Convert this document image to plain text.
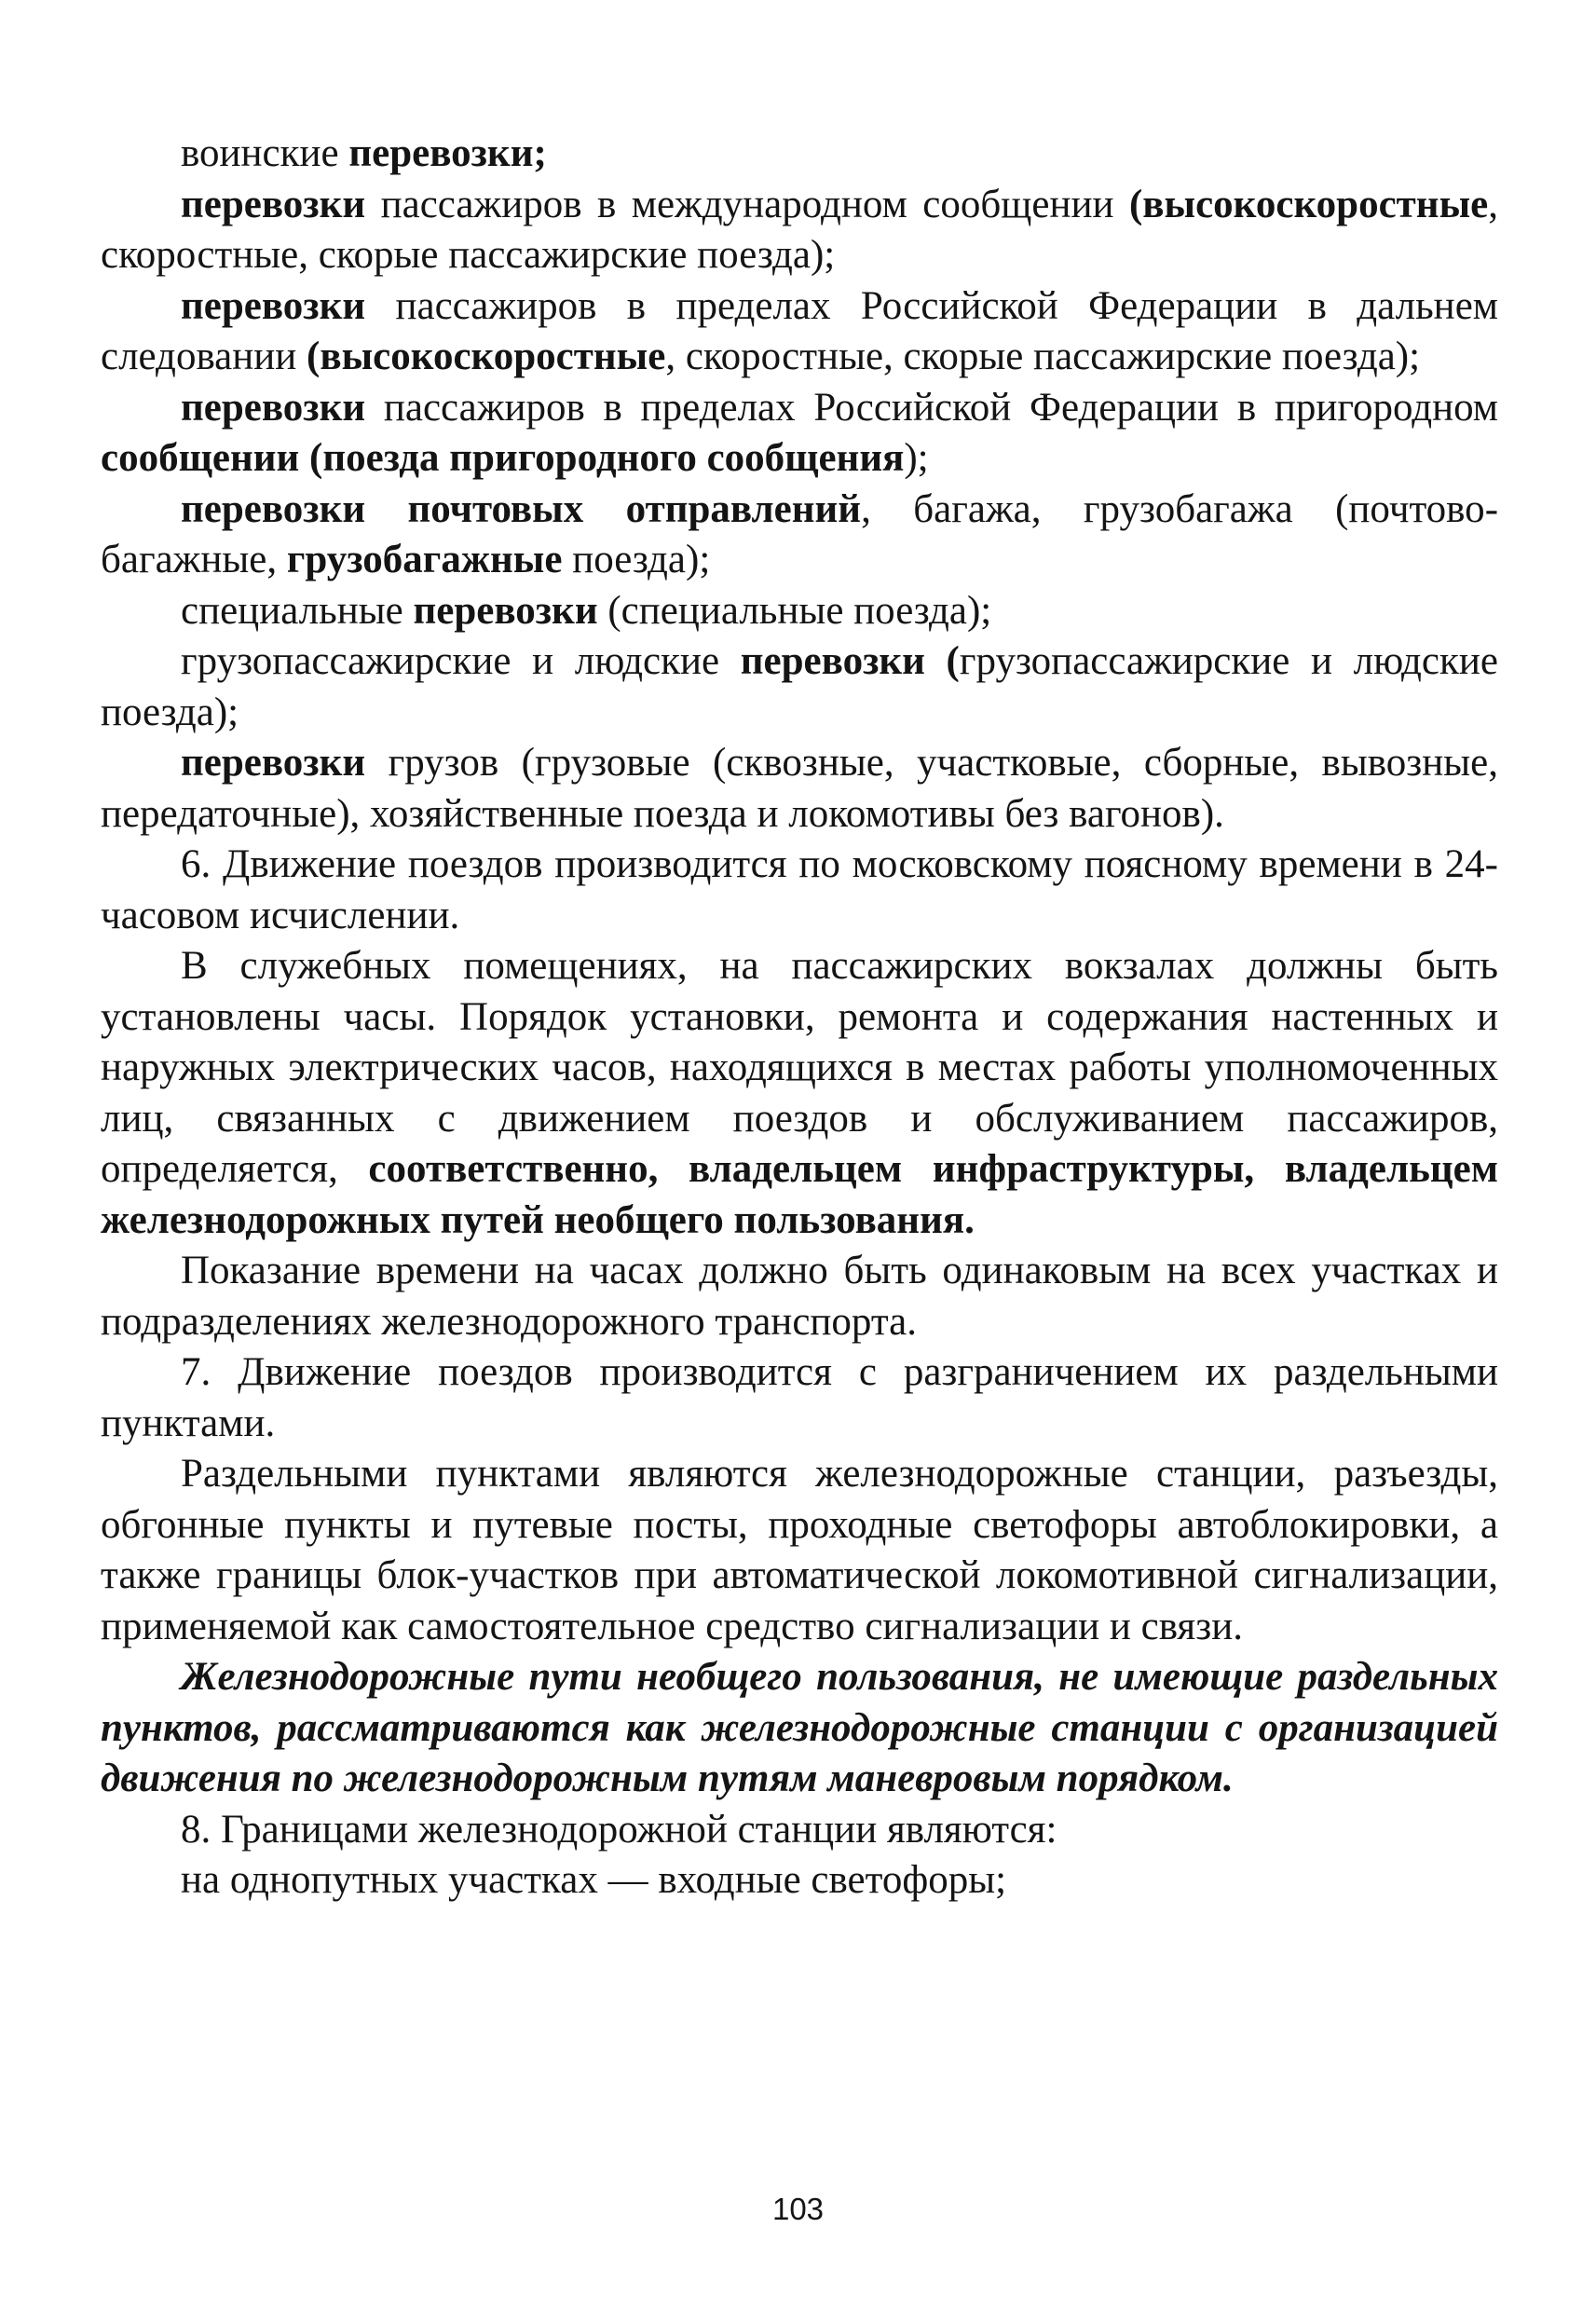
воинские перевозки;

перевозки пассажиров в международном сообщении (высокоскоростные, скоростные, скорые пассажирские поезда);

перевозки пассажиров в пределах Российской Федерации в дальнем следовании (высокоскоростные, скоростные, скорые пассажирские поезда);

перевозки пассажиров в пределах Российской Федерации в пригородном сообщении (поезда пригородного сообщения);

перевозки почтовых отправлений, багажа, грузобагажа (почтовобагажные, грузобагажные поезда);

специальные перевозки (специальные поезда);

грузопассажирские и людские перевозки (грузопассажирские и людские поезда);

перевозки грузов (грузовые (сквозные, участковые, сборные, вывозные, передаточные), хозяйственные поезда и локомотивы без вагонов).

6. Движение поездов производится по московскому поясному времени в 24-часовом исчислении.

В служебных помещениях, на пассажирских вокзалах должны быть установлены часы. Порядок установки, ремонта и содержания настенных и наружных электрических часов, находящихся в местах работы уполномоченных лиц, связанных с движением поездов и обслуживанием пассажиров, определяется, соответственно, владельцем инфраструктуры, владельцем железнодорожных путей необщего пользования.

Показание времени на часах должно быть одинаковым на всех участках и подразделениях железнодорожного транспорта.

7. Движение поездов производится с разграничением их раздельными пунктами.

Раздельными пунктами являются железнодорожные станции, разъезды, обгонные пункты и путевые посты, проходные светофоры автоблокировки, а также границы блок-участков при автоматической локомотивной сигнализации, применяемой как самостоятельное средство сигнализации и связи.

Железнодорожные пути необщего пользования, не имеющие раздельных пунктов, рассматриваются как железнодорожные станции с организацией движения по железнодорожным путям маневровым порядком.

8. Границами железнодорожной станции являются:

на однопутных участках — входные светофоры;

103
